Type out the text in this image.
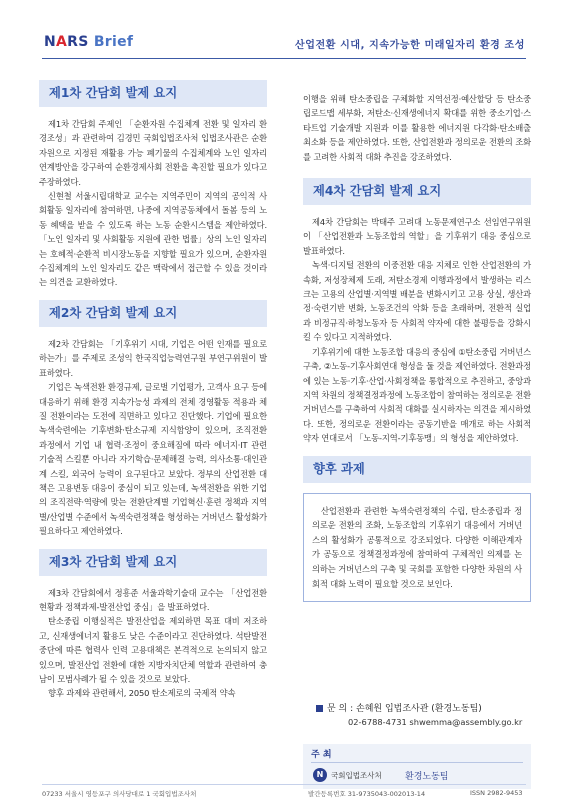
NARS Brief	산업전환 시대, 지속가능한 미래일자리 환경 조성
제1차 간담회 발제 요지

제1차 간담회 주제인 「순환자원 수집체계 전환 및 일자리 환경조성」과 관련하여 김경민 국회입법조사처 입법조사관은 순환자원으로 지정된 재활용 가능 폐기물의 수집체계와 노인 일자리 연계방안을 강구하여 순환경제사회 전환을 촉진할 필요가 있다고 주장하였다.

신현철 서울시립대학교 교수는 지역주민이 지역의 공익적 사회활동 일자리에 참여하면, 나중에 지역공동체에서 돌봄 등의 노동 혜택을 받을 수 있도록 하는 노동 순환시스템을 제안하였다. 「노인 일자리 및 사회활동 지원에 관한 법률」상의 노인 일자리는 호혜적·순환적 비시장노동을 지향할 필요가 있으며, 순환자원 수집체계의 노인 일자리도 같은 맥락에서 접근할 수 있을 것이라는 의견을 교환하였다.

제2차 간담회 발제 요지

제2차 간담회는 「기후위기 시대, 기업은 어떤 인재를 필요로 하는가」를 주제로 조성익 한국직업능력연구원 부연구위원이 발표하였다.

기업은 녹색전환 환경규제, 글로벌 기업평가, 고객사 요구 등에 대응하기 위해 환경 지속가능성 과제의 전체 경영활동 적용과 체질 전환이라는 도전에 직면하고 있다고 진단했다. 기업에 필요한 녹색숙련에는 기후변화·탄소규제 지식함양이 있으며, 조직전환 과정에서 기업 내 협력·조정이 중요해짐에 따라 에너지·IT 관련 기술적 스킬뿐 아니라 자기학습·문제해결 능력, 의사소통·대인관계 스킬, 외국어 능력이 요구된다고 보았다. 정부의 산업전환 대책은 고용변동 대응이 중심이 되고 있는데, 녹색전환을 위한 기업의 조직전략·역량에 맞는 전환단계별 기업혁신·훈련 정책과 지역별/산업별 수준에서 녹색숙련정책을 형성하는 거버넌스 활성화가 필요하다고 제언하였다.

제3차 간담회 발제 요지

제3차 간담회에서 정흥준 서울과학기술대 교수는 「산업전환현황과 정책과제-발전산업 중심」을 발표하였다.

탄소중립 이행실적은 발전산업을 제외하면 목표 대비 저조하고, 신재생에너지 활용도 낮은 수준이라고 진단하였다. 석탄발전 중단에 따른 협력사 인력 고용대책은 본격적으로 논의되지 않고 있으며, 발전산업 전환에 대한 지방자치단체 역할과 관련하여 충남이 모범사례가 될 수 있을 것으로 보았다.

향후 과제와 관련해서, 2050 탄소제로의 국제적 약속

이행을 위해 탄소중립을 구체화할 지역선정·예산할당 등 탄소중립로드맵 세부화, 저탄소·신재생에너지 확대를 위한 중소기업·스타트업 기술개발 지원과 이를 활용한 에너지원 다각화·탄소배출 최소화 등을 제안하였다. 또한, 산업전환과 정의로운 전환의 조화를 고려한 사회적 대화 추진을 강조하였다.

제4차 간담회 발제 요지

제4차 간담회는 박태주 고려대 노동문제연구소 선임연구위원이 「산업전환과 노동조합의 역할」을 기후위기 대응 중심으로 발표하였다.

녹색·디지털 전환의 이중전환 대응 지체로 인한 산업전환의 가속화, 저성장체제 도래, 저탄소경제 이행과정에서 발생하는 리스크는 고용의 산업별·지역별 배분을 변화시키고 고용 상실, 생산과정·숙련기반 변화, 노동조건의 악화 등을 초래하며, 전환적 실업과 비정규직·하청노동자 등 사회적 약자에 대한 불평등을 강화시킬 수 있다고 지적하였다.

기후위기에 대한 노동조합 대응의 중심에 ①탄소중립 거버넌스 구축, ②노동-기후사회연대 형성을 둘 것을 제언하였다. 전환과정에 있는 노동·기후·산업·사회정책을 통합적으로 추진하고, 중앙과 지역 차원의 정책결정과정에 노동조합이 참여하는 정의로운 전환 거버넌스를 구축하여 사회적 대화를 실시하자는 의견을 제시하였다. 또한, 정의로운 전환이라는 공동기반을 매개로 하는 사회적 약자 연대로서 「노동-지역-기후동맹」의 형성을 제안하였다.

향후 과제

산업전환과 관련한 녹색숙련정책의 수립, 탄소중립과 정의로운 전환의 조화, 노동조합의 기후위기 대응에서 거버넌스의 활성화가 공통적으로 강조되었다. 다양한 이해관계자가 공동으로 정책결정과정에 참여하여 구체적인 의제를 논의하는 거버넌스의 구축 및 국회를 포함한 다양한 차원의 사회적 대화 노력이 필요할 것으로 보인다.

문 의 : 손혜원 입법조사관 (환경노동팀)
02-6788-4731 shwemma@assembly.go.kr
주 최
N	국회입법조사처	환경노동팀
07233 서울시 영등포구 의사당대로 1 국회입법조사처	발간등록번호 31-9735043-002013-14	ISSN 2982-9453
